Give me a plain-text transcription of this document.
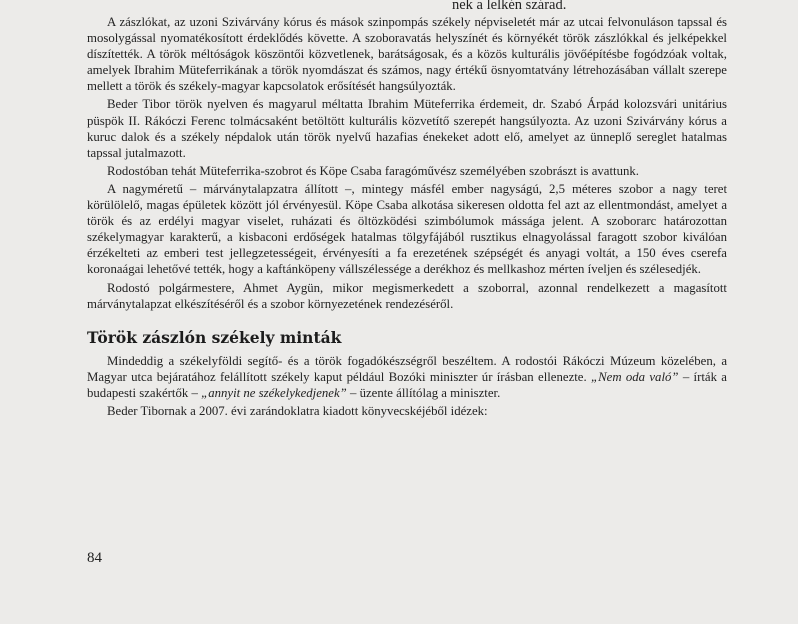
nek a lelkén szárad.

A zászlókat, az uzoni Szivárvány kórus és mások szinpompás székely népviseletét már az utcai felvonuláson tapssal és mosolygással nyomatékosított érdeklődés követte. A szoboravatás helyszínét és környékét török zászlókkal és jelképekkel díszítették. A török méltóságok köszöntői közvetlenek, barátságosak, és a közös kulturális jövőépítésbe fogódzóak voltak, amelyek Ibrahim Müteferrikának a török nyomdászat és számos, nagy értékű ösnyomtatvány létrehozásában vállalt szerepe mellett a török és székely-magyar kapcsolatok erősítését hangsúlyozták.

Beder Tibor török nyelven és magyarul méltatta Ibrahim Müteferrika érdemeit, dr. Szabó Árpád kolozsvári unitárius püspök II. Rákóczi Ferenc tolmácsaként betöltött kulturális közvetítő szerepét hangsúlyozta. Az uzoni Szivárvány kórus a kuruc dalok és a székely népdalok után török nyelvű hazafias énekeket adott elő, amelyet az ünneplő sereglet hatalmas tapssal jutalmazott.

Rodostóban tehát Müteferrika-szobrot és Köpe Csaba faragóművész személyében szobrászt is avattunk.

A nagyméretű – márványtalapzatra állított –, mintegy másfél ember nagyságú, 2,5 méteres szobor a nagy teret körülölelő, magas épületek között jól érvényesül. Köpe Csaba alkotása sikeresen oldotta fel azt az ellentmondást, amelyet a török és az erdélyi magyar viselet, ruházati és öltözködési szimbólumok mássága jelent. A szoborarc határozottan székelymagyar karakterű, a kisbaconi erdőségek hatalmas tölgyfájából rusztikus elnagyolással faragott szobor kiválóan érzékelteti az emberi test jellegzetességeit, érvényesíti a fa erezetének szépségét és anyagi voltát, a 150 éves cserefa koronaágai lehetővé tették, hogy a kaftánköpeny vállszélessége a derékhoz és mellkashoz mérten íveljen és szélesedjék.

Rodostó polgármestere, Ahmet Aygün, mikor megismerkedett a szoborral, azonnal rendelkezett a magasított márványtalapzat elkészítéséről és a szobor környezetének rendezéséről.

Török zászlón székely minták

Mindeddig a székelyföldi segítő- és a török fogadókészségről beszéltem. A rodostói Rákóczi Múzeum közelében, a Magyar utca bejáratához felállított székely kaput például Bozóki miniszter úr írásban ellenezte. „Nem oda való” – írták a budapesti szakértők – „annyit ne székelykedjenek” – üzente állítólag a miniszter.

Beder Tibornak a 2007. évi zarándoklatra kiadott könyvecskéjéből idézek:

84
